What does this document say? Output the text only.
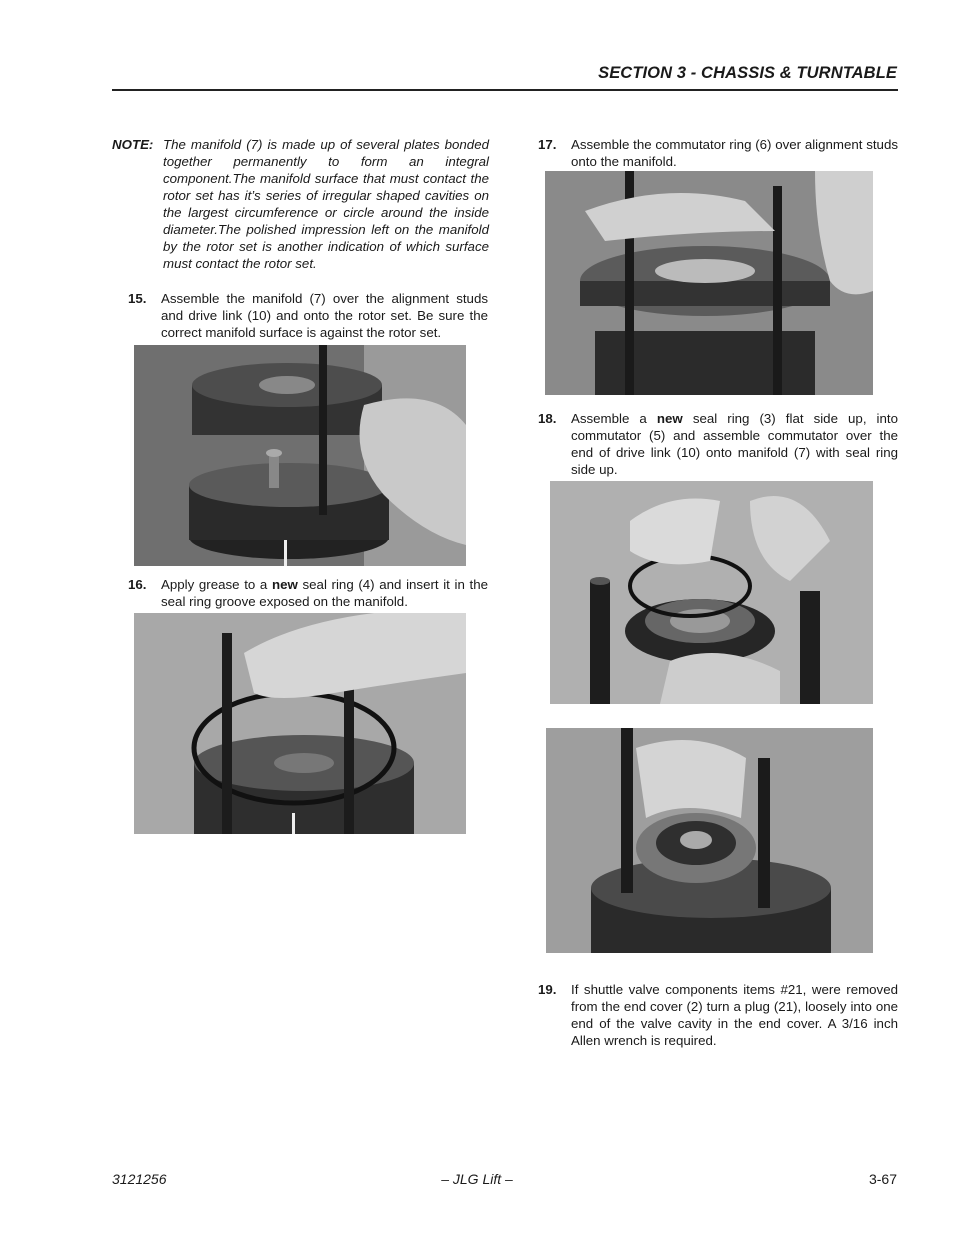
SECTION 3 - CHASSIS & TURNTABLE
NOTE: The manifold (7) is made up of several plates bonded together permanently to form an integral component.The manifold surface that must contact the rotor set has it’s series of irregular shaped cavities on the largest circumference or circle around the inside diameter.The polished impression left on the manifold by the rotor set is another indication of which surface must contact the rotor set.
15. Assemble the manifold (7) over the alignment studs and drive link (10) and onto the rotor set. Be sure the correct manifold surface is against the rotor set.
16. Apply grease to a new seal ring (4) and insert it in the seal ring groove exposed on the manifold.
17. Assemble the commutator ring (6) over alignment studs onto the manifold.
18. Assemble a new seal ring (3) flat side up, into commutator (5) and assemble commutator over the end of drive link (10) onto manifold (7) with seal ring side up.
19. If shuttle valve components items #21, were removed from the end cover (2) turn a plug (21), loosely into one end of the valve cavity in the end cover. A 3/16 inch Allen wrench is required.
3121256	– JLG Lift –	3-67
